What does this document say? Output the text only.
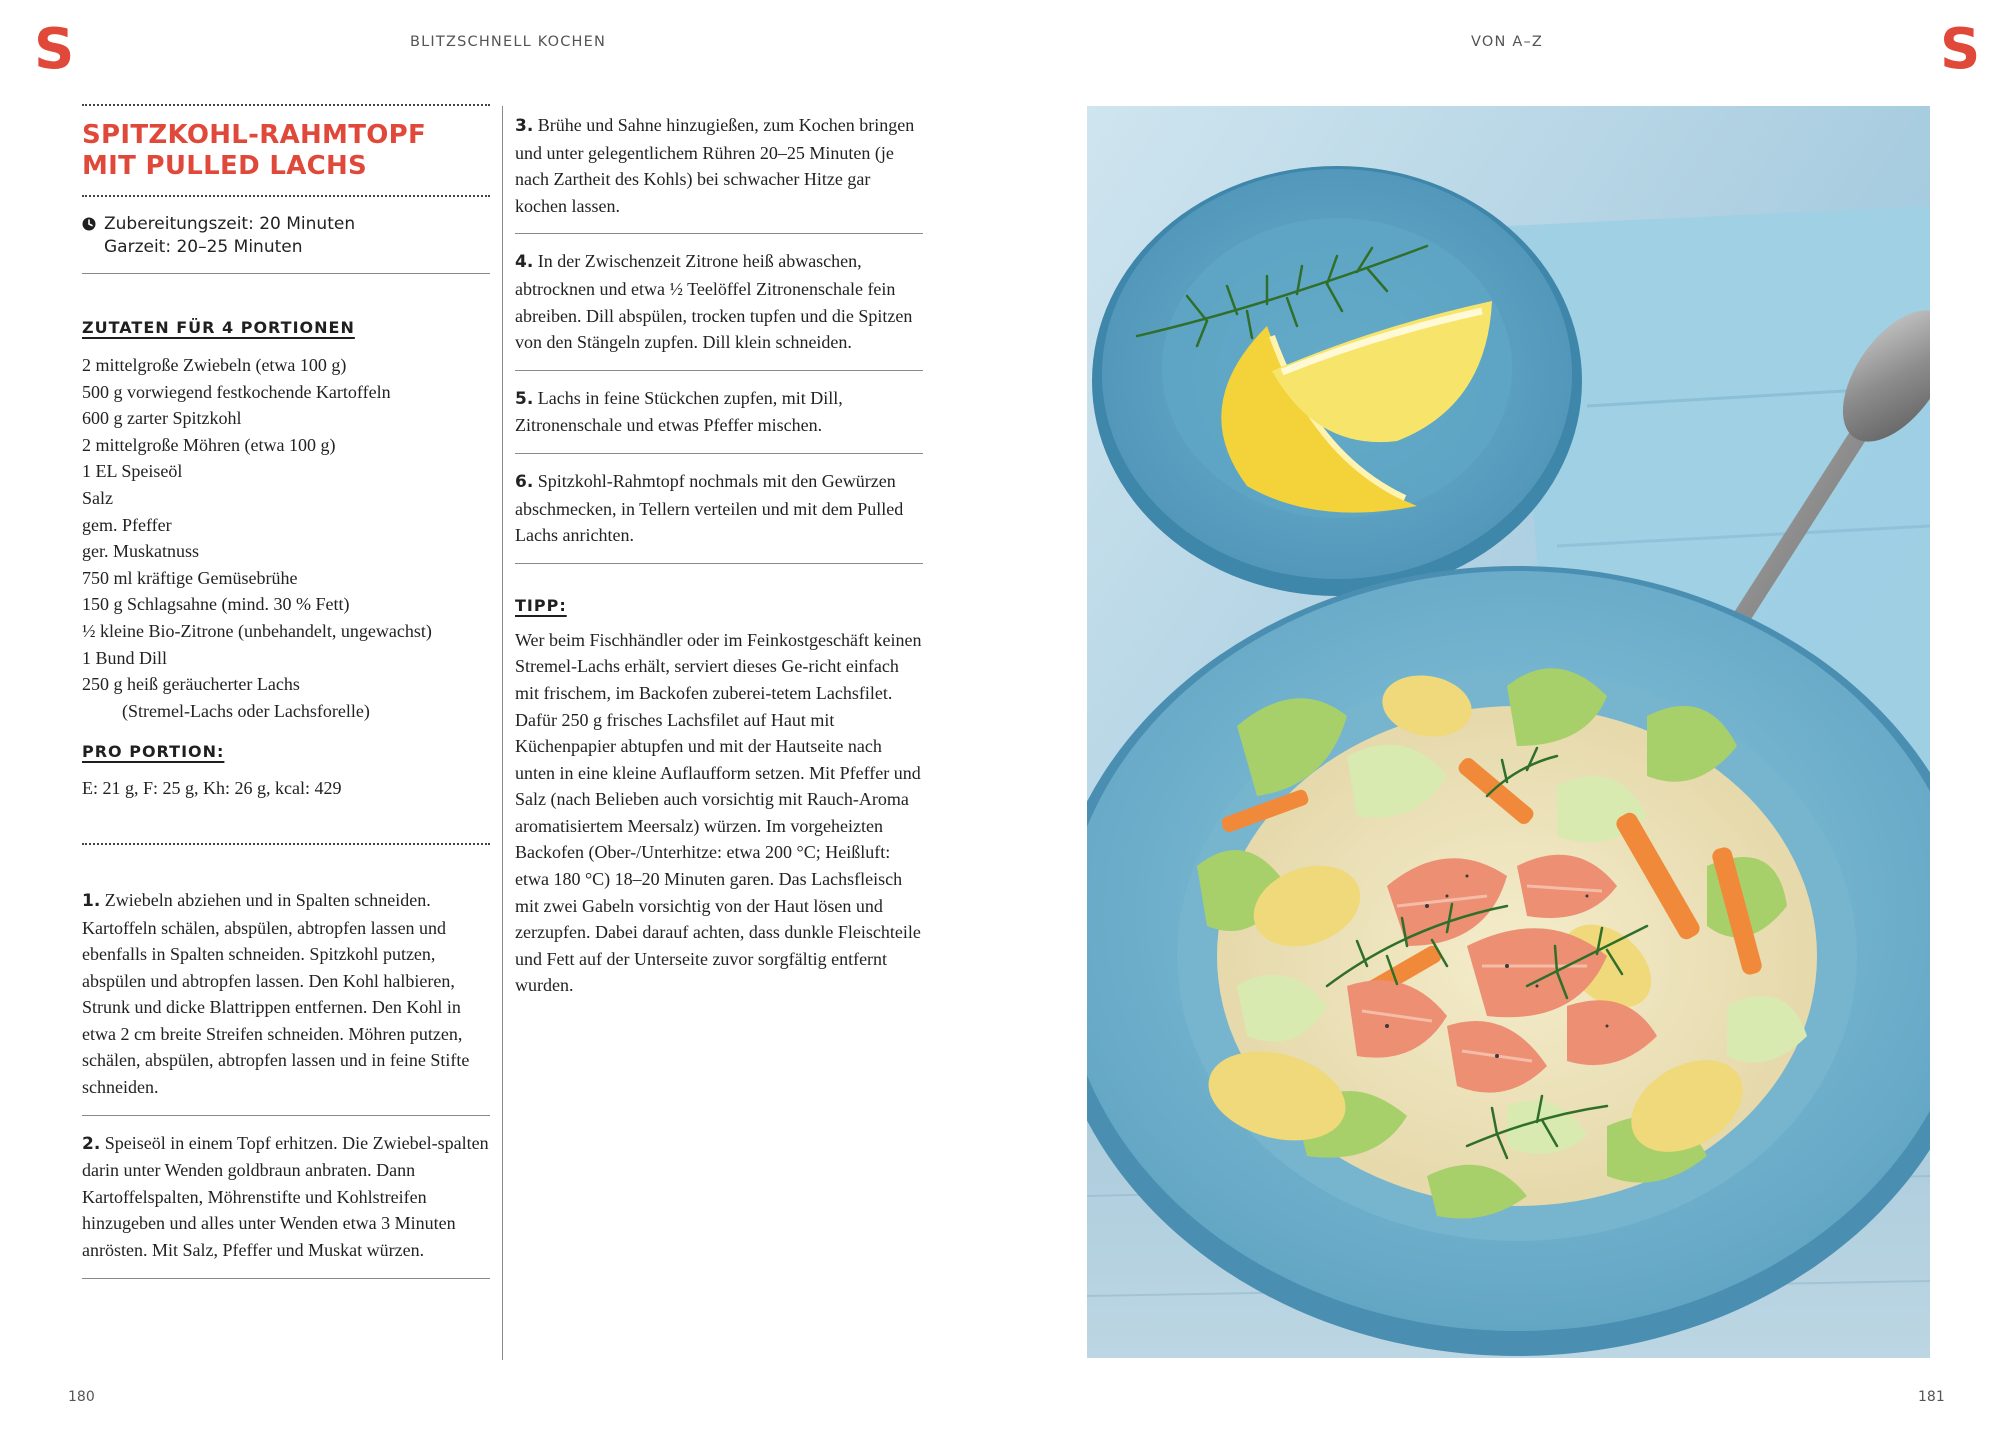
S	BLITZSCHNELL KOCHEN	VON A–Z	S
SPITZKOHL-RAHMTOPF
MIT PULLED LACHS
Zubereitungszeit: 20 Minuten
Garzeit: 20–25 Minuten
ZUTATEN FÜR 4 PORTIONEN
2 mittelgroße Zwiebeln (etwa 100 g)
500 g vorwiegend festkochende Kartoffeln
600 g zarter Spitzkohl
2 mittelgroße Möhren (etwa 100 g)
1 EL Speiseöl
Salz
gem. Pfeffer
ger. Muskatnuss
750 ml kräftige Gemüsebrühe
150 g Schlagsahne (mind. 30 % Fett)
½ kleine Bio-Zitrone (unbehandelt, ungewachst)
1 Bund Dill
250 g heiß geräucherter Lachs
(Stremel-Lachs oder Lachsforelle)
PRO PORTION:
E: 21 g, F: 25 g, Kh: 26 g, kcal: 429
1. Zwiebeln abziehen und in Spalten schneiden. Kartoffeln schälen, abspülen, abtropfen lassen und ebenfalls in Spalten schneiden. Spitzkohl putzen, abspülen und abtropfen lassen. Den Kohl halbieren, Strunk und dicke Blattrippen entfernen. Den Kohl in etwa 2 cm breite Streifen schneiden. Möhren putzen, schälen, abspülen, abtropfen lassen und in feine Stifte schneiden.
2. Speiseöl in einem Topf erhitzen. Die Zwiebel-spalten darin unter Wenden goldbraun anbraten. Dann Kartoffelspalten, Möhrenstifte und Kohlstreifen hinzugeben und alles unter Wenden etwa 3 Minuten anrösten. Mit Salz, Pfeffer und Muskat würzen.
3. Brühe und Sahne hinzugießen, zum Kochen bringen und unter gelegentlichem Rühren 20–25 Minuten (je nach Zartheit des Kohls) bei schwacher Hitze gar kochen lassen.
4. In der Zwischenzeit Zitrone heiß abwaschen, abtrocknen und etwa ½ Teelöffel Zitronenschale fein abreiben. Dill abspülen, trocken tupfen und die Spitzen von den Stängeln zupfen. Dill klein schneiden.
5. Lachs in feine Stückchen zupfen, mit Dill, Zitronenschale und etwas Pfeffer mischen.
6. Spitzkohl-Rahmtopf nochmals mit den Gewürzen abschmecken, in Tellern verteilen und mit dem Pulled Lachs anrichten.
TIPP:
Wer beim Fischhändler oder im Feinkostgeschäft keinen Stremel-Lachs erhält, serviert dieses Ge-richt einfach mit frischem, im Backofen zuberei-tetem Lachsfilet. Dafür 250 g frisches Lachsfilet auf Haut mit Küchenpapier abtupfen und mit der Hautseite nach unten in eine kleine Auflaufform setzen. Mit Pfeffer und Salz (nach Belieben auch vorsichtig mit Rauch-Aroma aromatisiertem Meersalz) würzen. Im vorgeheizten Backofen (Ober-/Unterhitze: etwa 200 °C; Heißluft: etwa 180 °C) 18–20 Minuten garen. Das Lachsfleisch mit zwei Gabeln vorsichtig von der Haut lösen und zerzupfen. Dabei darauf achten, dass dunkle Fleischteile und Fett auf der Unterseite zuvor sorgfältig entfernt wurden.
180	181
